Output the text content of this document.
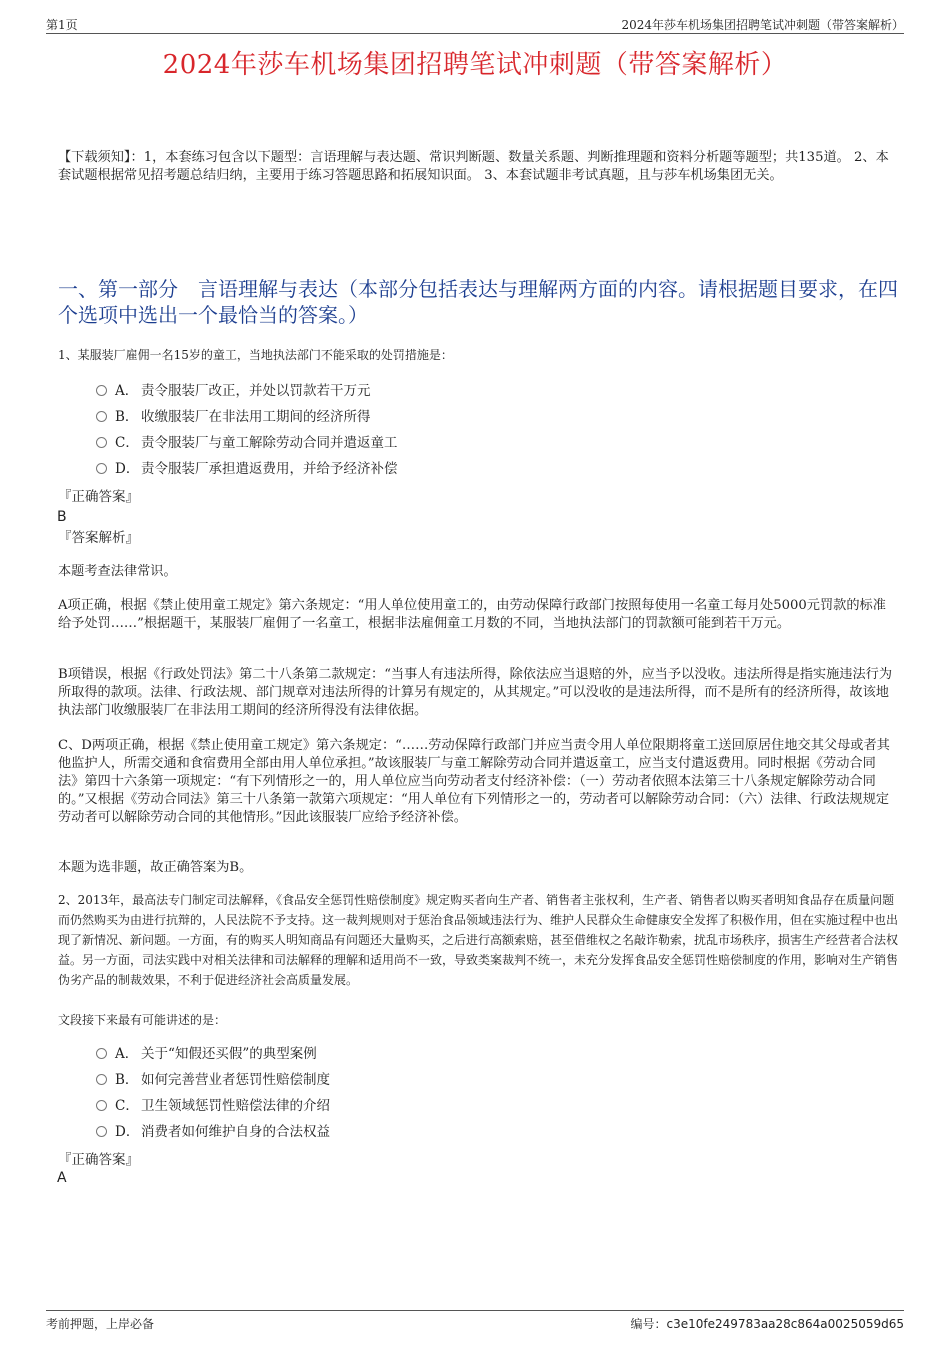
第1页	2024年莎车机场集团招聘笔试冲刺题（带答案解析）
2024年莎车机场集团招聘笔试冲刺题（带答案解析）
【下载须知】：1，本套练习包含以下题型：言语理解与表达题、常识判断题、数量关系题、判断推理题和资料分析题等题型；共135道。 2、本套试题根据常见招考题总结归纳，主要用于练习答题思路和拓展知识面。 3、本套试题非考试真题，且与莎车机场集团无关。
一、第一部分　言语理解与表达（本部分包括表达与理解两方面的内容。请根据题目要求，在四个选项中选出一个最恰当的答案。）
1、某服装厂雇佣一名15岁的童工，当地执法部门不能采取的处罚措施是：
A． 责令服装厂改正，并处以罚款若干万元
B． 收缴服装厂在非法用工期间的经济所得
C． 责令服装厂与童工解除劳动合同并遣返童工
D． 责令服装厂承担遣返费用，并给予经济补偿
『正确答案』
B
『答案解析』
本题考查法律常识。
A项正确，根据《禁止使用童工规定》第六条规定：“用人单位使用童工的，由劳动保障行政部门按照每使用一名童工每月处5000元罚款的标准给予处罚……”根据题干，某服装厂雇佣了一名童工，根据非法雇佣童工月数的不同，当地执法部门的罚款额可能到若干万元。
B项错误，根据《行政处罚法》第二十八条第二款规定：“当事人有违法所得，除依法应当退赔的外，应当予以没收。违法所得是指实施违法行为所取得的款项。法律、行政法规、部门规章对违法所得的计算另有规定的，从其规定。”可以没收的是违法所得，而不是所有的经济所得，故该地执法部门收缴服装厂在非法用工期间的经济所得没有法律依据。
C、D两项正确，根据《禁止使用童工规定》第六条规定：“……劳动保障行政部门并应当责令用人单位限期将童工送回原居住地交其父母或者其他监护人，所需交通和食宿费用全部由用人单位承担。”故该服装厂与童工解除劳动合同并遣返童工，应当支付遣返费用。同时根据《劳动合同法》第四十六条第一项规定：“有下列情形之一的，用人单位应当向劳动者支付经济补偿：（一）劳动者依照本法第三十八条规定解除劳动合同的。”又根据《劳动合同法》第三十八条第一款第六项规定：“用人单位有下列情形之一的，劳动者可以解除劳动合同：（六）法律、行政法规规定劳动者可以解除劳动合同的其他情形。”因此该服装厂应给予经济补偿。
本题为选非题，故正确答案为B。
2、2013年，最高法专门制定司法解释，《食品安全惩罚性赔偿制度》规定购买者向生产者、销售者主张权利，生产者、销售者以购买者明知食品存在质量问题而仍然购买为由进行抗辩的，人民法院不予支持。这一裁判规则对于惩治食品领域违法行为、维护人民群众生命健康安全发挥了积极作用，但在实施过程中也出现了新情况、新问题。一方面，有的购买人明知商品有问题还大量购买，之后进行高额索赔，甚至借维权之名敲诈勒索，扰乱市场秩序，损害生产经营者合法权益。另一方面，司法实践中对相关法律和司法解释的理解和适用尚不一致，导致类案裁判不统一，未充分发挥食品安全惩罚性赔偿制度的作用，影响对生产销售伪劣产品的制裁效果，不利于促进经济社会高质量发展。
文段接下来最有可能讲述的是：
A． 关于“知假还买假”的典型案例
B． 如何完善营业者惩罚性赔偿制度
C． 卫生领域惩罚性赔偿法律的介绍
D． 消费者如何维护自身的合法权益
『正确答案』
A
考前押题，上岸必备	编号：c3e10fe249783aa28c864a0025059d65
